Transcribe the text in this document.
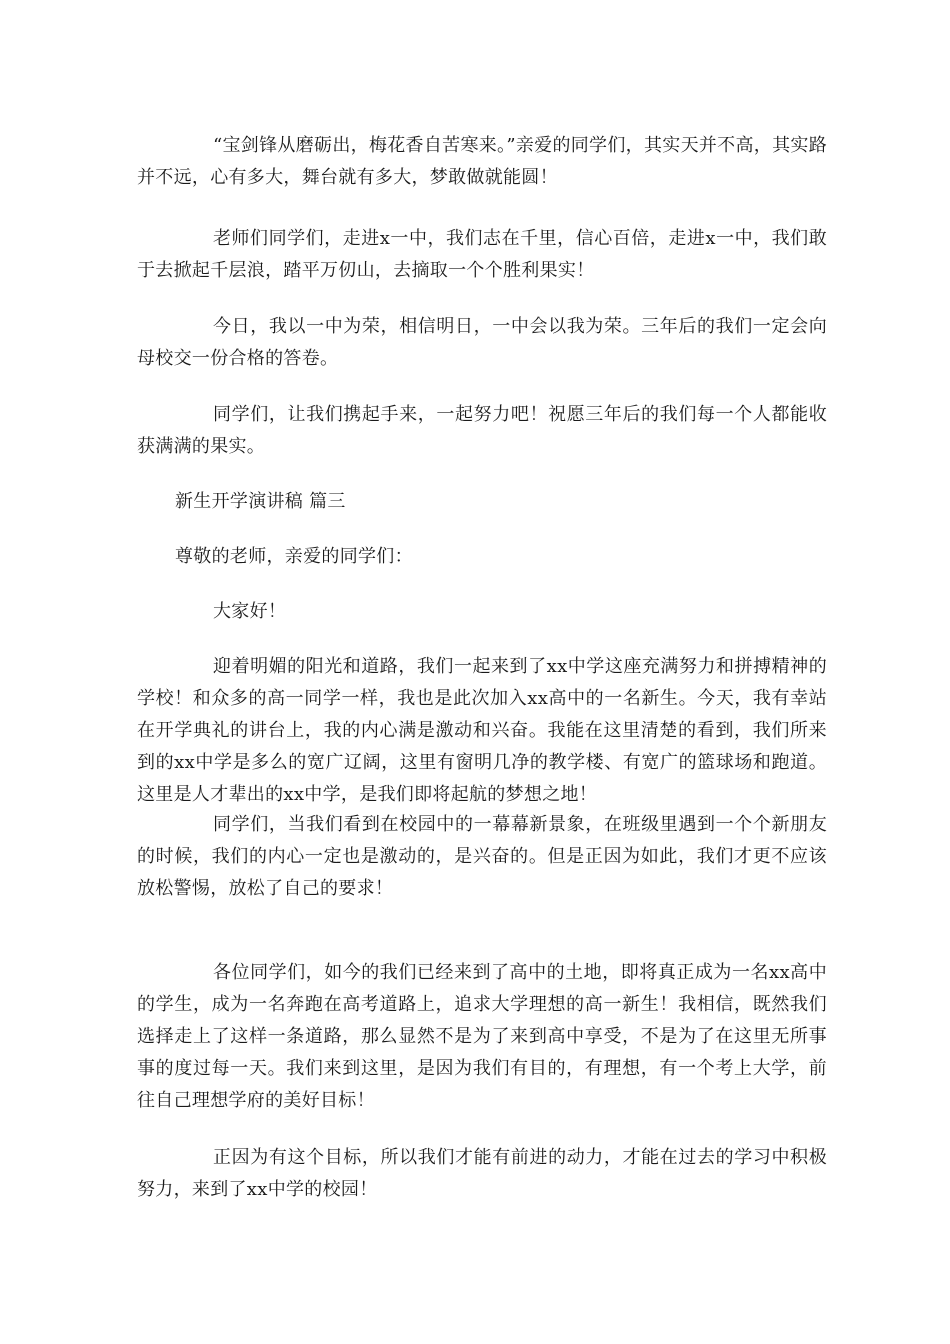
“宝剑锋从磨砺出，梅花香自苦寒来。”亲爱的同学们，其实天并不高，其实路并不远，心有多大，舞台就有多大，梦敢做就能圆！

老师们同学们，走进x一中，我们志在千里，信心百倍，走进x一中，我们敢于去掀起千层浪，踏平万仞山，去摘取一个个胜利果实！

今日，我以一中为荣，相信明日，一中会以我为荣。三年后的我们一定会向母校交一份合格的答卷。

同学们，让我们携起手来，一起努力吧！祝愿三年后的我们每一个人都能收获满满的果实。

新生开学演讲稿 篇三

尊敬的老师，亲爱的同学们：

大家好！

迎着明媚的阳光和道路，我们一起来到了xx中学这座充满努力和拼搏精神的学校！和众多的高一同学一样，我也是此次加入xx高中的一名新生。今天，我有幸站在开学典礼的讲台上，我的内心满是激动和兴奋。我能在这里清楚的看到，我们所来到的xx中学是多么的宽广辽阔，这里有窗明几净的教学楼、有宽广的篮球场和跑道。这里是人才辈出的xx中学，是我们即将起航的梦想之地！

同学们，当我们看到在校园中的一幕幕新景象，在班级里遇到一个个新朋友的时候，我们的内心一定也是激动的，是兴奋的。但是正因为如此，我们才更不应该放松警惕，放松了自己的要求！

各位同学们，如今的我们已经来到了高中的土地，即将真正成为一名xx高中的学生，成为一名奔跑在高考道路上，追求大学理想的高一新生！我相信，既然我们选择走上了这样一条道路，那么显然不是为了来到高中享受，不是为了在这里无所事事的度过每一天。我们来到这里，是因为我们有目的，有理想，有一个考上大学，前往自己理想学府的美好目标！

正因为有这个目标，所以我们才能有前进的动力，才能在过去的学习中积极努力，来到了xx中学的校园！
